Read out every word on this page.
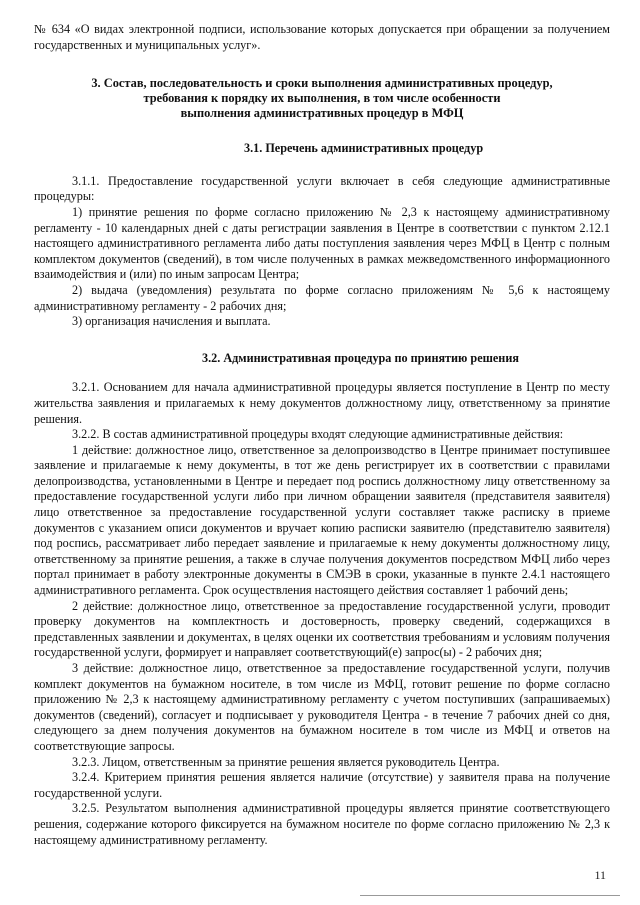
№ 634 «О видах электронной подписи, использование которых допускается при обращении за получением государственных и муниципальных услуг».

3. Состав, последовательность и сроки выполнения административных процедур,
требования к порядку их выполнения, в том числе особенности
выполнения административных процедур в МФЦ
3.1. Перечень административных процедур

3.1.1. Предоставление государственной услуги включает в себя следующие административные процедуры:

1) принятие решения по форме согласно приложению № 2,3 к настоящему административному регламенту - 10 календарных дней с даты регистрации заявления в Центре в соответствии с пунктом 2.12.1 настоящего административного регламента либо даты поступления заявления через МФЦ в Центр с полным комплектом документов (сведений), в том числе полученных в рамках межведомственного информационного взаимодействия и (или) по иным запросам Центра;

2) выдача (уведомления) результата по форме согласно приложениям № 5,6 к настоящему административному регламенту - 2 рабочих дня;

3) организация начисления и выплата.

3.2. Административная процедура по принятию решения

3.2.1. Основанием для начала административной процедуры является поступление в Центр по месту жительства заявления и прилагаемых к нему документов должностному лицу, ответственному за принятие решения.

3.2.2. В состав административной процедуры входят следующие административные действия:

1 действие: должностное лицо, ответственное за делопроизводство в Центре принимает поступившее заявление и прилагаемые к нему документы, в тот же день регистрирует их в соответствии с правилами делопроизводства, установленными в Центре и передает под роспись должностному лицу ответственному за предоставление государственной услуги либо при личном обращении заявителя (представителя заявителя) лицо ответственное за предоставление государственной услуги составляет также расписку в приеме документов с указанием описи документов и вручает копию расписки заявителю (представителю заявителя) под роспись, рассматривает либо передает заявление и прилагаемые к нему документы должностному лицу, ответственному за принятие решения, а также в случае получения документов посредством МФЦ либо через портал принимает в работу электронные документы в СМЭВ в сроки, указанные в пункте 2.4.1 настоящего административного регламента. Срок осуществления настоящего действия составляет 1 рабочий день;

2 действие: должностное лицо, ответственное за предоставление государственной услуги, проводит проверку документов на комплектность и достоверность, проверку сведений, содержащихся в представленных заявлении и документах, в целях оценки их соответствия требованиям и условиям получения государственной услуги, формирует и направляет соответствующий(е) запрос(ы) - 2 рабочих дня;

3 действие: должностное лицо, ответственное за предоставление государственной услуги, получив комплект документов на бумажном носителе, в том числе из МФЦ, готовит решение по форме согласно приложению № 2,3 к настоящему административному регламенту с учетом поступивших (запрашиваемых) документов (сведений), согласует и подписывает у руководителя Центра - в течение 7 рабочих дней со дня, следующего за днем получения документов на бумажном носителе в том числе из МФЦ и ответов на соответствующие запросы.

3.2.3. Лицом, ответственным за принятие решения является руководитель Центра.

3.2.4. Критерием принятия решения является наличие (отсутствие) у заявителя права на получение государственной услуги.

3.2.5. Результатом выполнения административной процедуры является принятие соответствующего решения, содержание которого фиксируется на бумажном носителе по форме согласно приложению № 2,3 к настоящему административному регламенту.

11
